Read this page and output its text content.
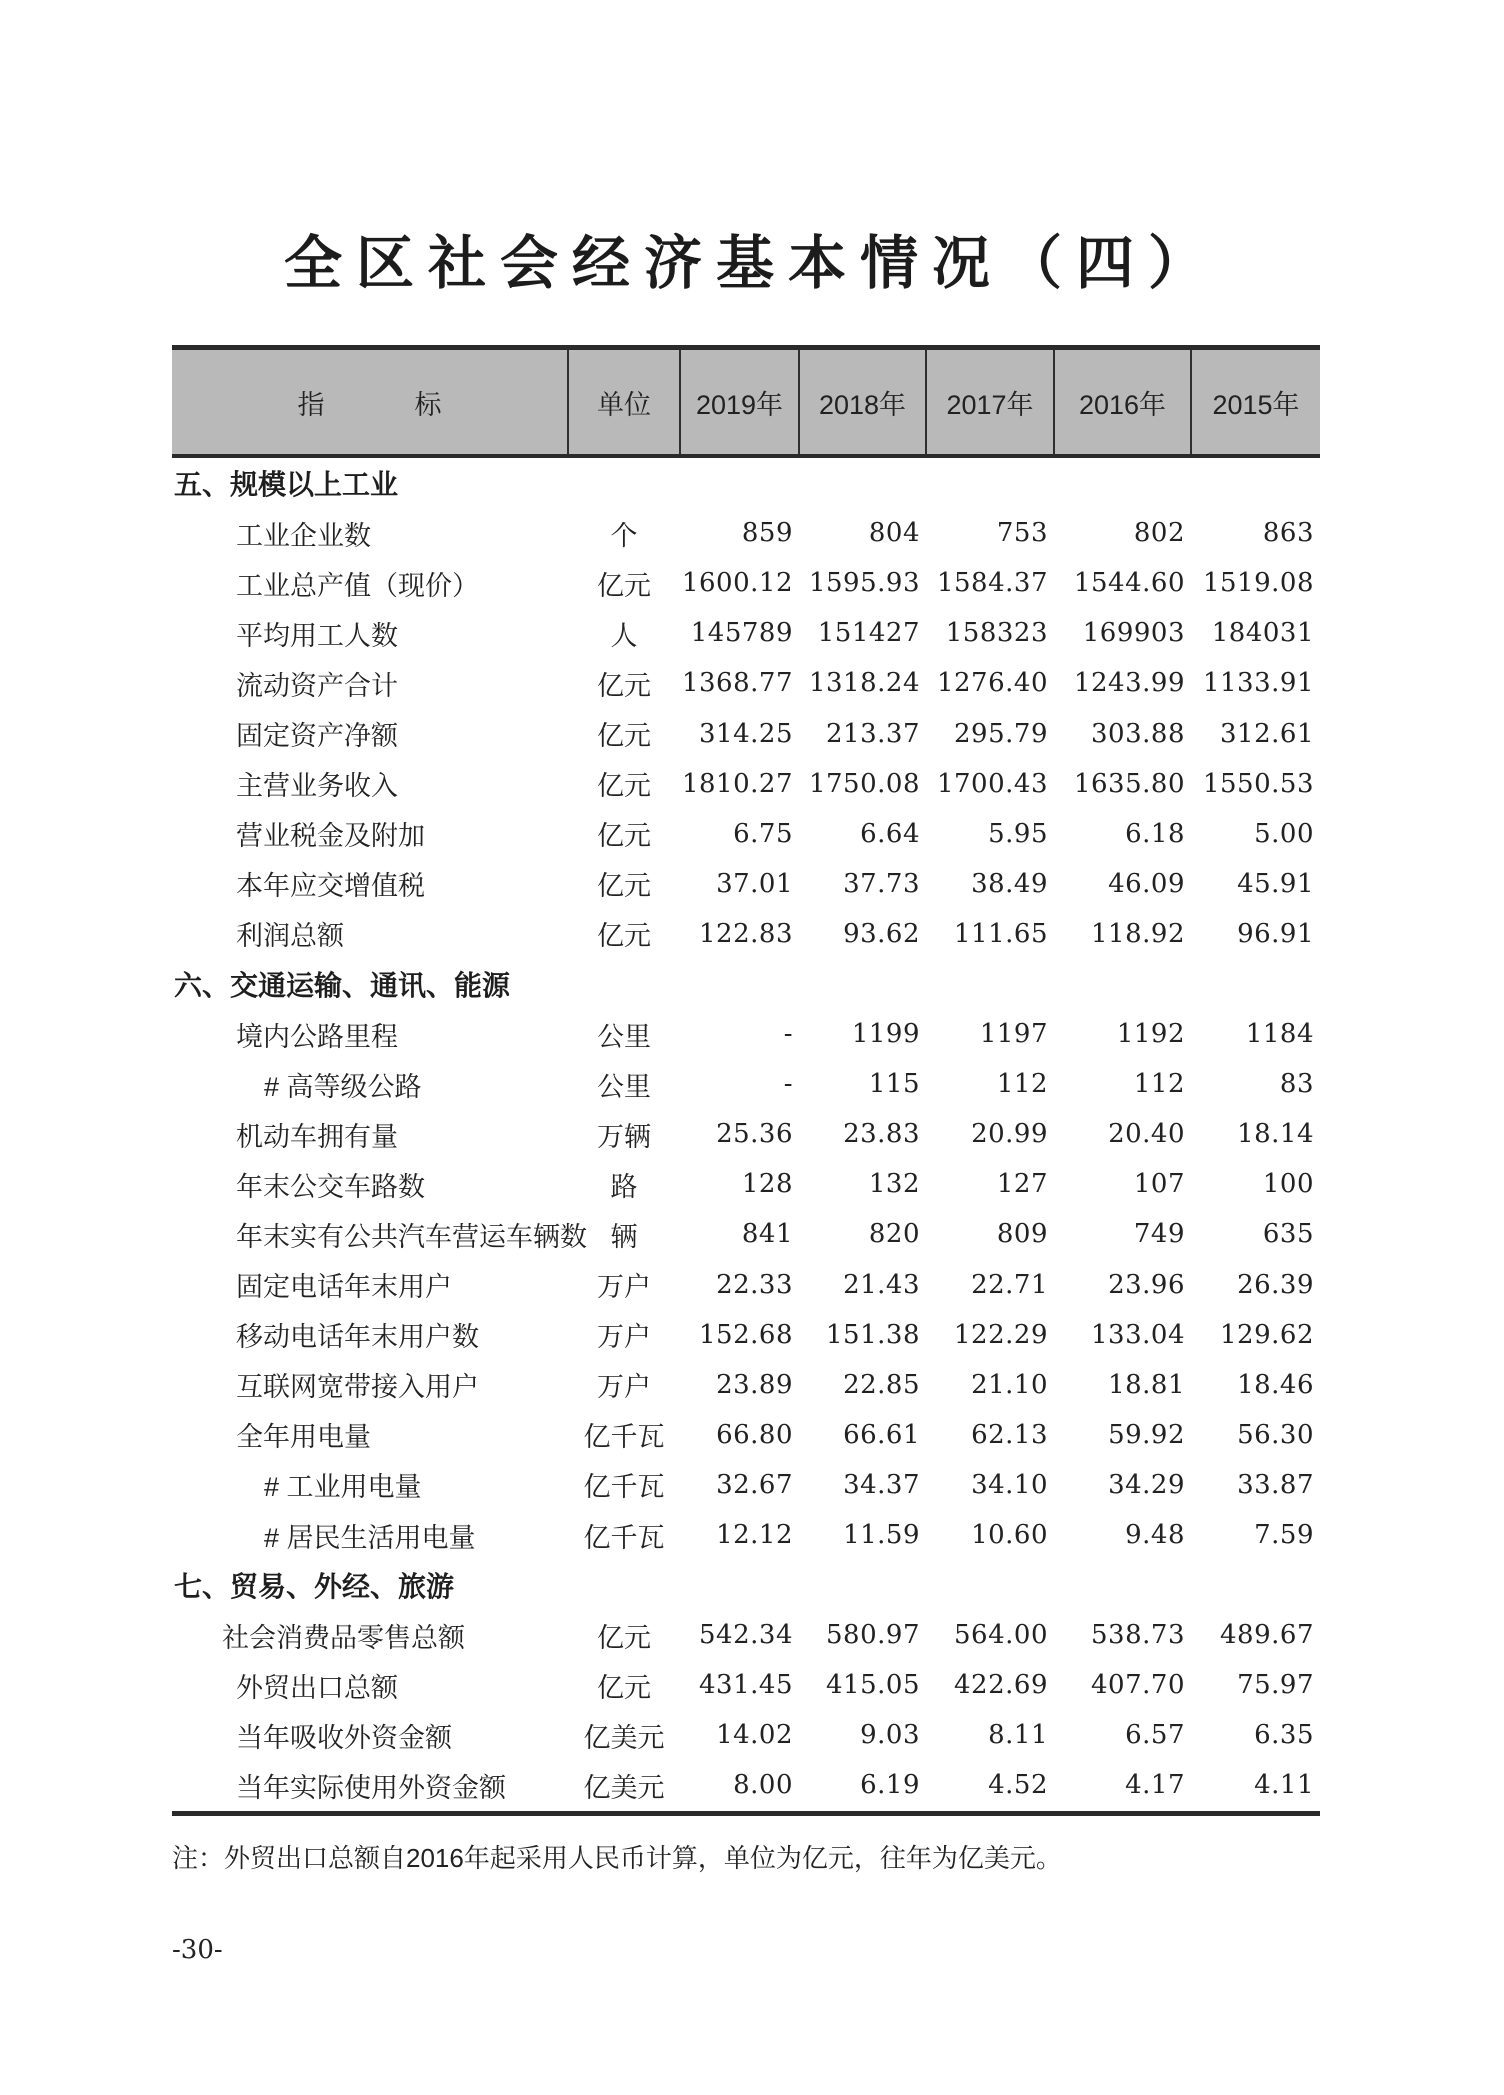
全区社会经济基本情况（四）
指 标	单位	2019年	2018年	2017年	2016年	2015年
五、规模以上工业						
工业企业数	个	859	804	753	802	863
工业总产值（现价）	亿元	1600.12	1595.93	1584.37	1544.60	1519.08
平均用工人数	人	145789	151427	158323	169903	184031
流动资产合计	亿元	1368.77	1318.24	1276.40	1243.99	1133.91
固定资产净额	亿元	314.25	213.37	295.79	303.88	312.61
主营业务收入	亿元	1810.27	1750.08	1700.43	1635.80	1550.53
营业税金及附加	亿元	6.75	6.64	5.95	6.18	5.00
本年应交增值税	亿元	37.01	37.73	38.49	46.09	45.91
利润总额	亿元	122.83	93.62	111.65	118.92	96.91
六、交通运输、通讯、能源						
境内公路里程	公里	-	1199	1197	1192	1184
# 高等级公路	公里	-	115	112	112	83
机动车拥有量	万辆	25.36	23.83	20.99	20.40	18.14
年末公交车路数	路	128	132	127	107	100
年末实有公共汽车营运车辆数	辆	841	820	809	749	635
固定电话年末用户	万户	22.33	21.43	22.71	23.96	26.39
移动电话年末用户数	万户	152.68	151.38	122.29	133.04	129.62
互联网宽带接入用户	万户	23.89	22.85	21.10	18.81	18.46
全年用电量	亿千瓦	66.80	66.61	62.13	59.92	56.30
# 工业用电量	亿千瓦	32.67	34.37	34.10	34.29	33.87
# 居民生活用电量	亿千瓦	12.12	11.59	10.60	9.48	7.59
七、贸易、外经、旅游						
社会消费品零售总额	亿元	542.34	580.97	564.00	538.73	489.67
外贸出口总额	亿元	431.45	415.05	422.69	407.70	75.97
当年吸收外资金额	亿美元	14.02	9.03	8.11	6.57	6.35
当年实际使用外资金额	亿美元	8.00	6.19	4.52	4.17	4.11
注：外贸出口总额自2016年起采用人民币计算，单位为亿元，往年为亿美元。
-30-
